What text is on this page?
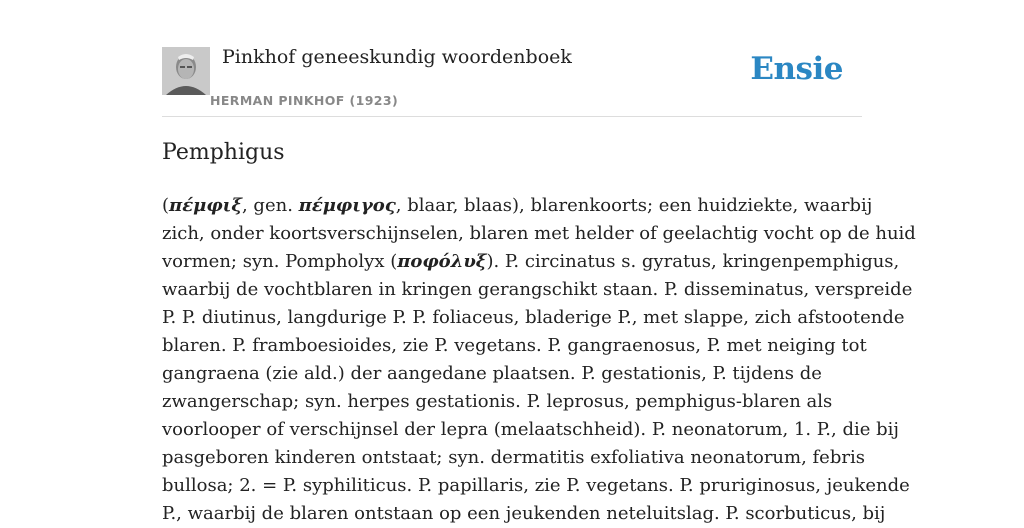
Pinkhof geneeskundig woordenboek
HERMAN PINKHOF (1923)
Ensie
Pemphigus
(πέμφιξ, gen. πέμφιγος, blaar, blaas), blarenkoorts; een huidziekte, waarbij
zich, onder koortsverschijnselen, blaren met helder of geelachtig vocht op de huid
vormen; syn. Pompholyx (ποφόλυξ). P. circinatus s. gyratus, kringenpemphigus,
waarbij de vochtblaren in kringen gerangschikt staan. P. disseminatus, verspreide
P. P. diutinus, langdurige P. P. foliaceus, bladerige P., met slappe, zich afstootende
blaren. P. framboesioides, zie P. vegetans. P. gangraenosus, P. met neiging tot
gangraena (zie ald.) der aangedane plaatsen. P. gestationis, P. tijdens de
zwangerschap; syn. herpes gestationis. P. leprosus, pemphigus-blaren als
voorlooper of verschijnsel der lepra (melaatschheid). P. neonatorum, 1. P., die bij
pasgeboren kinderen ontstaat; syn. dermatitis exfoliativa neonatorum, febris
bullosa; 2. = P. syphiliticus. P. papillaris, zie P. vegetans. P. pruriginosus, jeukende
P., waarbij de blaren ontstaan op een jeukenden neteluitslag. P. scorbuticus, bij
